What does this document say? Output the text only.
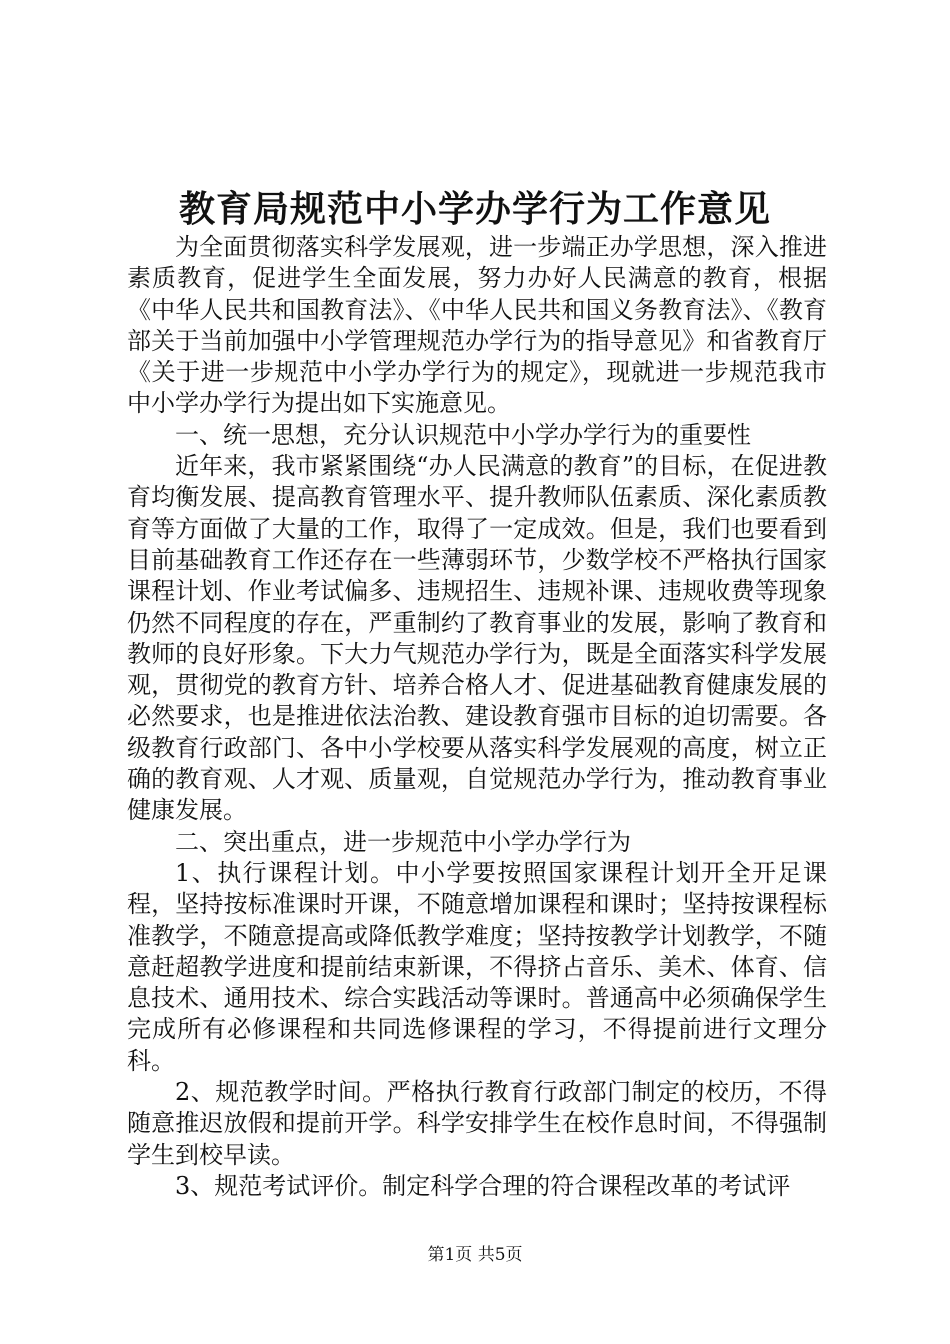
教育局规范中小学办学行为工作意见

为全面贯彻落实科学发展观，进一步端正办学思想，深入推进素质教育，促进学生全面发展，努力办好人民满意的教育，根据《中华人民共和国教育法》、《中华人民共和国义务教育法》、《教育部关于当前加强中小学管理规范办学行为的指导意见》和省教育厅《关于进一步规范中小学办学行为的规定》，现就进一步规范我市中小学办学行为提出如下实施意见。

一、统一思想，充分认识规范中小学办学行为的重要性

近年来，我市紧紧围绕“办人民满意的教育”的目标，在促进教育均衡发展、提高教育管理水平、提升教师队伍素质、深化素质教育等方面做了大量的工作，取得了一定成效。但是，我们也要看到目前基础教育工作还存在一些薄弱环节，少数学校不严格执行国家课程计划、作业考试偏多、违规招生、违规补课、违规收费等现象仍然不同程度的存在，严重制约了教育事业的发展，影响了教育和教师的良好形象。下大力气规范办学行为，既是全面落实科学发展观，贯彻党的教育方针、培养合格人才、促进基础教育健康发展的必然要求，也是推进依法治教、建设教育强市目标的迫切需要。各级教育行政部门、各中小学校要从落实科学发展观的高度，树立正确的教育观、人才观、质量观，自觉规范办学行为，推动教育事业健康发展。

二、突出重点，进一步规范中小学办学行为

1、执行课程计划。中小学要按照国家课程计划开全开足课程，坚持按标准课时开课，不随意增加课程和课时；坚持按课程标准教学，不随意提高或降低教学难度；坚持按教学计划教学，不随意赶超教学进度和提前结束新课，不得挤占音乐、美术、体育、信息技术、通用技术、综合实践活动等课时。普通高中必须确保学生完成所有必修课程和共同选修课程的学习，不得提前进行文理分科。

2、规范教学时间。严格执行教育行政部门制定的校历，不得随意推迟放假和提前开学。科学安排学生在校作息时间，不得强制学生到校早读。

3、规范考试评价。制定科学合理的符合课程改革的考试评

第1页 共5页
